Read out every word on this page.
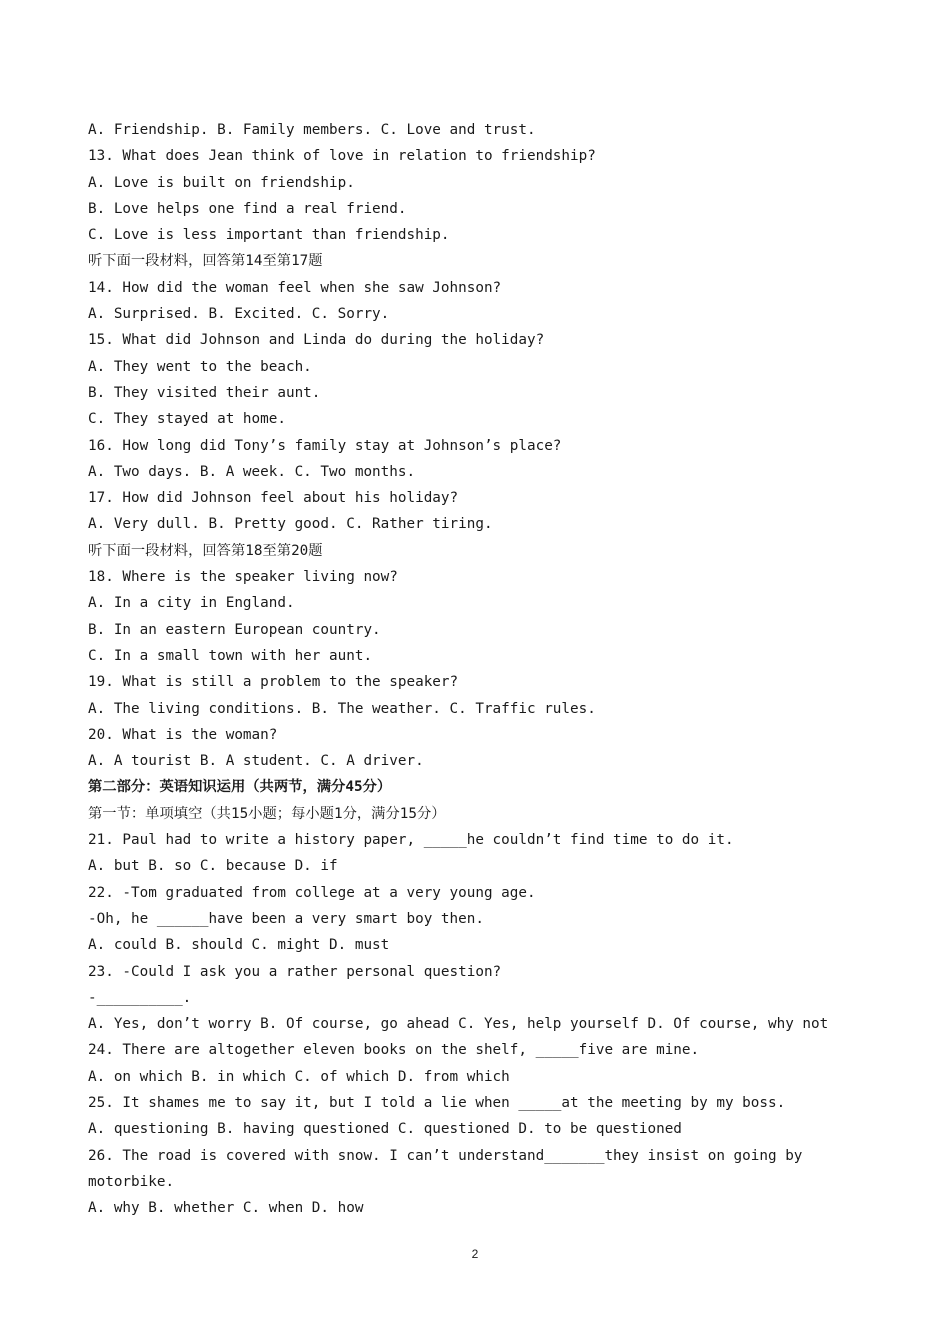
A. Friendship. B. Family members. C. Love and trust.
13. What does Jean think of love in relation to friendship?
A. Love is built on friendship.
B. Love helps one find a real friend.
C. Love is less important than friendship.
听下面一段材料，回答第14至第17题
14. How did the woman feel when she saw Johnson?
A. Surprised. B. Excited. C. Sorry.
15. What did Johnson and Linda do during the holiday?
A. They went to the beach.
B. They visited their aunt.
C. They stayed at home.
16. How long did Tony’s family stay at Johnson’s place?
A. Two days. B. A week. C. Two months.
17. How did Johnson feel about his holiday?
A. Very dull. B. Pretty good. C. Rather tiring.
听下面一段材料，回答第18至第20题
18. Where is the speaker living now?
A. In a city in England.
B. In an eastern European country.
C. In a small town with her aunt.
19. What is still a problem to the speaker?
A. The living conditions. B. The weather. C. Traffic rules.
20. What is the woman?
A. A tourist B. A student. C. A driver.
第二部分：英语知识运用（共两节，满分45分）
第一节：单项填空（共15小题；每小题1分，满分15分）
21. Paul had to write a history paper, _____he couldn’t find time to do it.
A. but B. so C. because D. if
22. -Tom graduated from college at a very young age.
-Oh, he ______have been a very smart boy then.
A. could B. should C. might D. must
23. -Could I ask you a rather personal question?
-__________.
A. Yes, don’t worry B. Of course, go ahead C. Yes, help yourself D. Of course, why not
24. There are altogether eleven books on the shelf, _____five are mine.
A. on which B. in which C. of which D. from which
25. It shames me to say it, but I told a lie when _____at the meeting by my boss.
A. questioning B. having questioned C. questioned D. to be questioned
26. The road is covered with snow. I can’t understand_______they insist on going by
motorbike.
A. why B. whether C. when D. how
2
